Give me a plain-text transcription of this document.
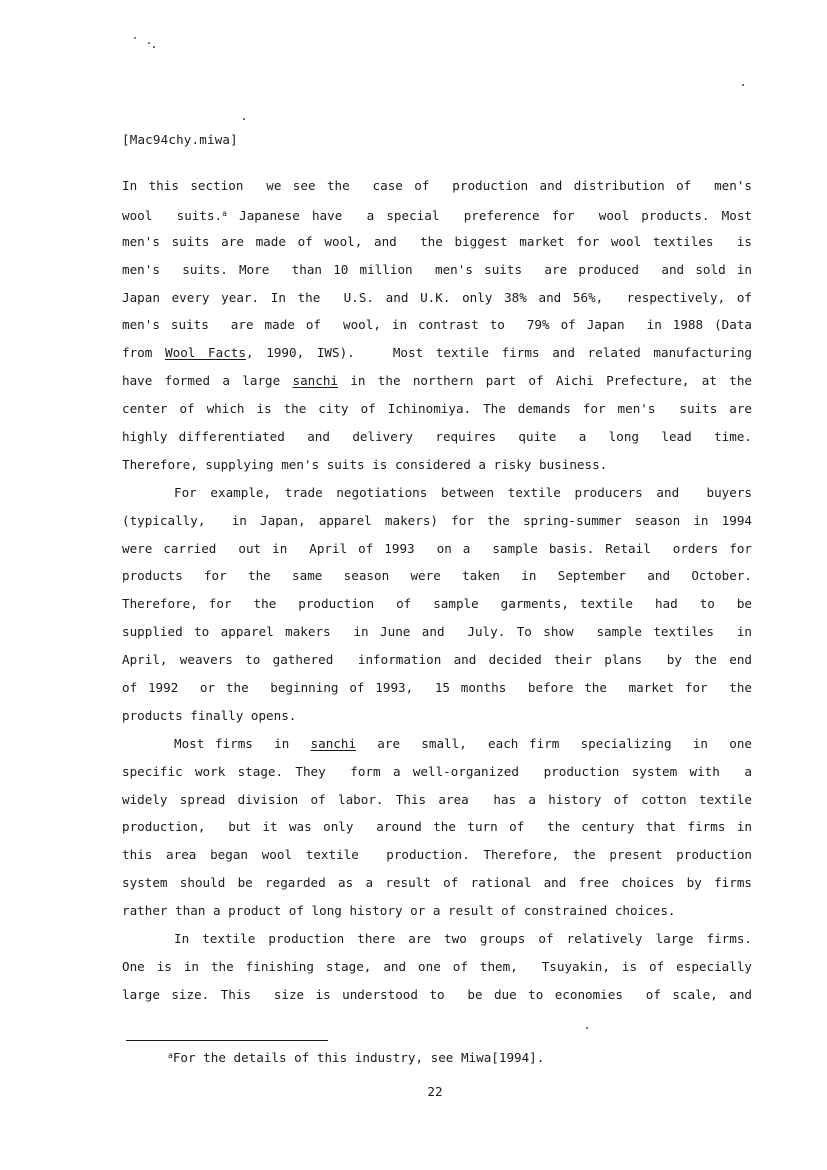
[Mac94chy.miwa]
In this section  we see the  case of  production and distribution of  men's
wool  suits.$^a$ Japanese have  a special  preference for  wool products. Most
men's suits are made of wool, and  the biggest market for wool textiles  is
men's  suits. More  than 10 million  men's suits  are produced  and sold in
Japan every year. In the  U.S. and U.K. only 38% and 56%,  respectively, of
men's suits  are made of  wool, in contrast to  79% of Japan  in 1988 (Data
from Wool Facts, 1990, IWS).   Most textile firms and related manufacturing
have formed a large sanchi in the northern part of Aichi Prefecture, at the
center of which is the city of Ichinomiya. The demands for men's  suits are
highly differentiated  and  delivery  requires  quite  a  long  lead  time.
Therefore, supplying men's suits is considered a risky business.
For example, trade negotiations between textile producers and  buyers
(typically,  in Japan, apparel makers) for the spring-summer season in 1994
were carried  out in  April of 1993  on a  sample basis. Retail  orders for
products  for  the  same  season  were  taken  in  September  and  October.
Therefore, for  the  production  of  sample  garments, textile  had  to  be
supplied to apparel makers  in June and  July. To show  sample textiles  in
April, weavers to gathered  information and decided their plans  by the end
of 1992  or the  beginning of 1993,  15 months  before the  market for  the
products finally opens.
Most firms  in  sanchi  are  small,  each firm  specializing  in  one
specific work stage. They  form a well-organized  production system with  a
widely spread division of labor. This area  has a history of cotton textile
production,  but it was only  around the turn of  the century that firms in
this area began wool textile  production. Therefore, the present production
system should be regarded as a result of rational and free choices by firms
rather than a product of long history or a result of constrained choices.
In textile production there are two groups of relatively large firms.
One is in the finishing stage, and one of them,  Tsuyakin, is of especially
large size. This  size is understood to  be due to economies  of scale, and
$^a$For the details of this industry, see Miwa[1994].
22
